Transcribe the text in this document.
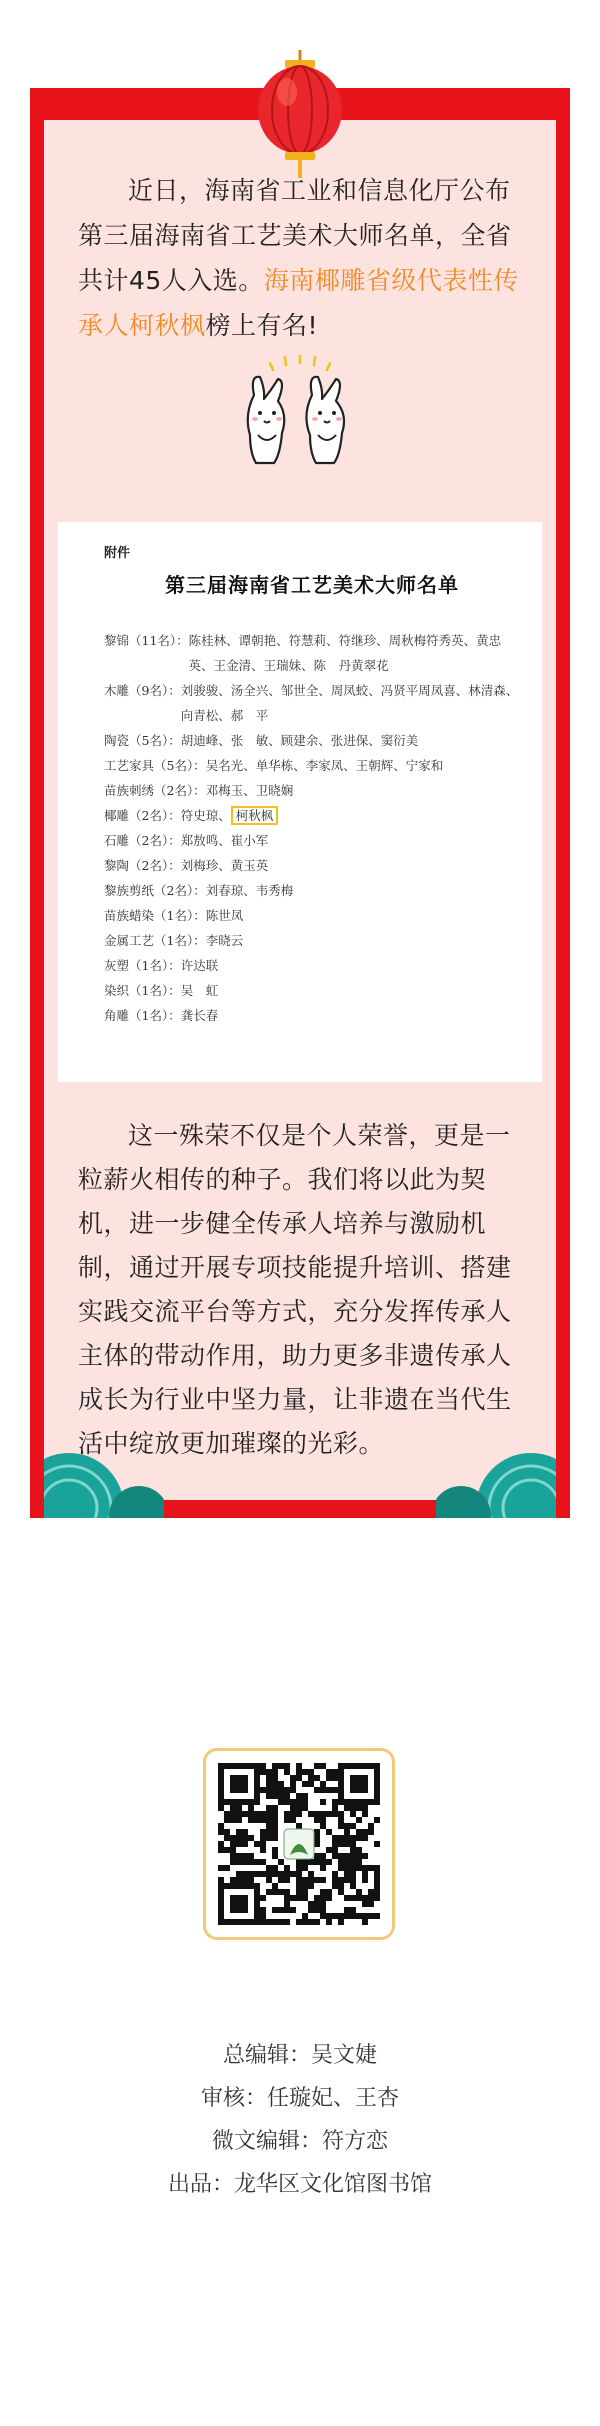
近日，海南省工业和信息化厅公布第三届海南省工艺美术大师名单，全省共计45人入选。海南椰雕省级代表性传承人柯秋枫榜上有名!
附件
第三届海南省工艺美术大师名单
黎锦（11名）： 陈桂林、谭朝艳、符慧莉、符继珍、周秋梅符秀英、黄忠英、王金清、王瑞妹、陈　丹黄翠花
木雕（9名）： 刘骏骏、汤全兴、邹世全、周凤蛟、冯贤平周凤喜、林清森、向青松、郝　平
陶瓷（5名）： 胡迪峰、张　敏、顾建余、张进保、窦衍美
工艺家具（5名）： 吴名光、单华栋、李家凤、王朝辉、宁家和
苗族刺绣（2名）： 邓梅玉、卫晓娴
椰雕（2名）： 符史琼、 柯秋枫
石雕（2名）： 郑敖鸣、崔小军
黎陶（2名）： 刘梅珍、黄玉英
黎族剪纸（2名）： 刘春琼、韦秀梅
苗族蜡染（1名）： 陈世凤
金属工艺（1名）： 李晓云
灰塑（1名）： 许达联
染织（1名）： 吴　虹
角雕（1名）： 龚长春
这一殊荣不仅是个人荣誉，更是一粒薪火相传的种子。我们将以此为契机，进一步健全传承人培养与激励机制，通过开展专项技能提升培训、搭建实践交流平台等方式，充分发挥传承人主体的带动作用，助力更多非遗传承人成长为行业中坚力量，让非遗在当代生活中绽放更加璀璨的光彩。
总编辑：吴文婕
审核：任璇妃、王杏
微文编辑：符方恋
出品：龙华区文化馆图书馆
